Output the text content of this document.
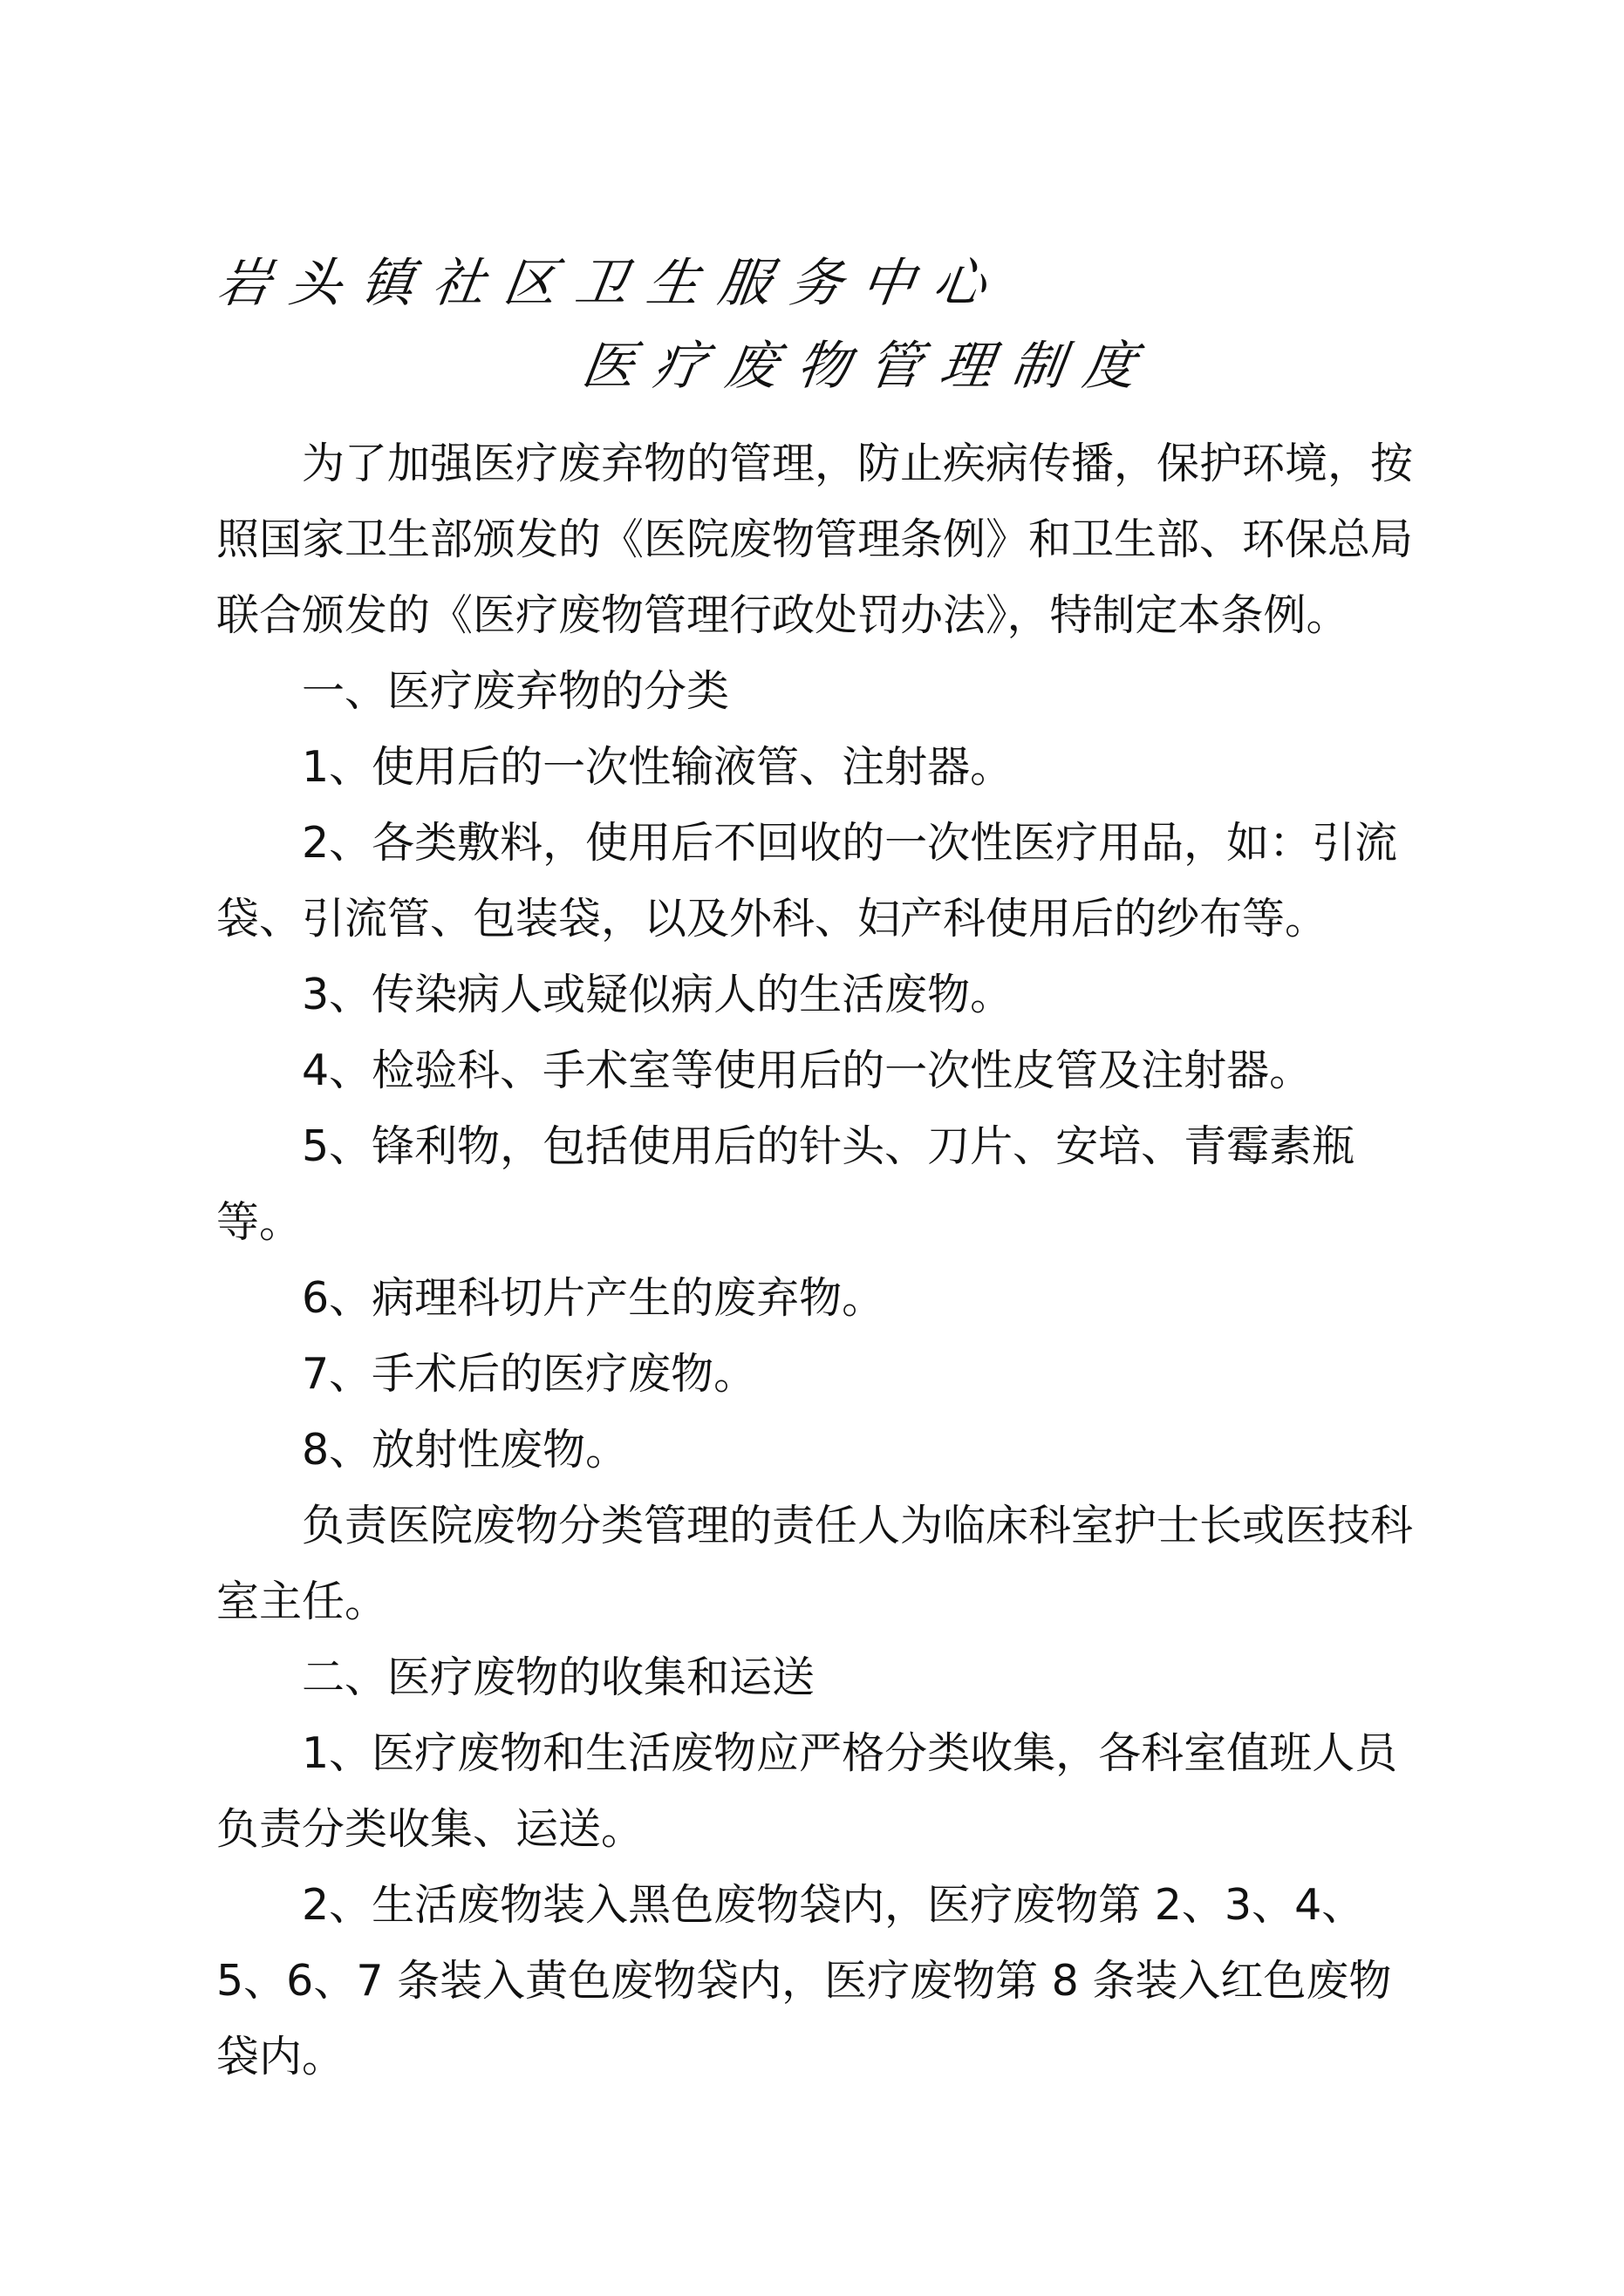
岩头镇社区卫生服务中心
医疗废物管理制度

为了加强医疗废弃物的管理，防止疾病传播，保护环境，按照国家卫生部颁发的《医院废物管理条例》和卫生部、环保总局联合颁发的《医疗废物管理行政处罚办法》，特制定本条例。

一、医疗废弃物的分类

1、使用后的一次性输液管、注射器。

2、各类敷料，使用后不回收的一次性医疗用品，如：引流袋、引流管、包装袋，以及外科、妇产科使用后的纱布等。

3、传染病人或疑似病人的生活废物。

4、检验科、手术室等使用后的一次性皮管及注射器。

5、锋利物，包括使用后的针头、刀片、安培、青霉素瓶等。

6、病理科切片产生的废弃物。

7、手术后的医疗废物。

8、放射性废物。

负责医院废物分类管理的责任人为临床科室护士长或医技科室主任。

二、医疗废物的收集和运送

1、医疗废物和生活废物应严格分类收集，各科室值班人员负责分类收集、运送。

2、生活废物装入黑色废物袋内，医疗废物第 2、3、4、5、6、7 条装入黄色废物袋内，医疗废物第 8 条装入红色废物袋内。
